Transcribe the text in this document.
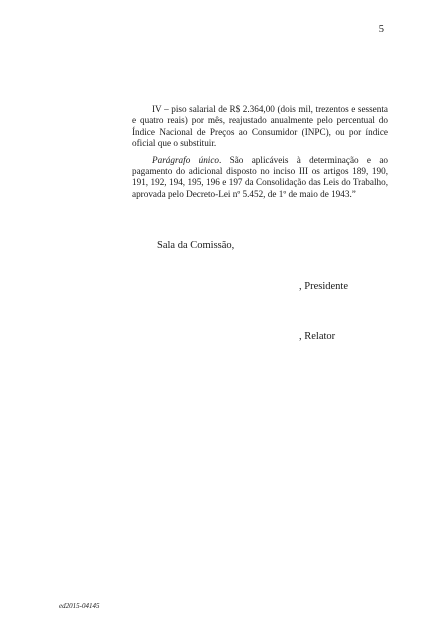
5

IV – piso salarial de R$ 2.364,00 (dois mil, trezentos e sessenta e quatro reais) por mês, reajustado anualmente pelo percentual do Índice Nacional de Preços ao Consumidor (INPC), ou por índice oficial que o substituir.

Parágrafo único. São aplicáveis à determinação e ao pagamento do adicional disposto no inciso III os artigos 189, 190, 191, 192, 194, 195, 196 e 197 da Consolidação das Leis do Trabalho, aprovada pelo Decreto-Lei nº 5.452, de 1º de maio de 1943.”

Sala da Comissão,
, Presidente
, Relator
ed2015-04145
